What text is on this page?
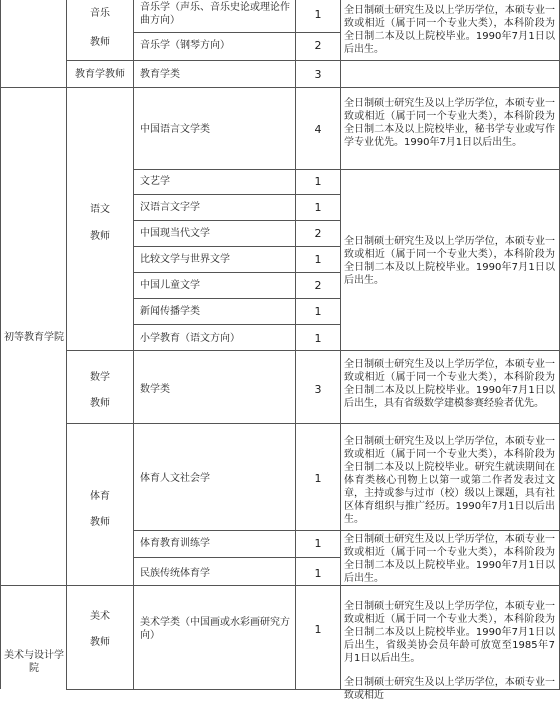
初等教育学院
美术与设计学院
音乐
教师
教育学教师
语文
教师
数学
教师
体育
教师
美术
教师
音乐学（声乐、音乐史论或理论作曲方向）
音乐学（钢琴方向）
教育学类
中国语言文学类
文艺学
汉语言文字学
中国现当代文学
比较文学与世界文学
中国儿童文学
新闻传播学类
小学教育（语文方向）
数学类
体育人文社会学
体育教育训练学
民族传统体育学
美术学类（中国画或水彩画研究方向）
1
2
3
4
1
1
2
1
2
1
1
3
1
1
1
1
全日制硕士研究生及以上学历学位，本硕专业一致或相近（属于同一个专业大类），本科阶段为全日制二本及以上院校毕业。1990年7月1日以后出生。
全日制硕士研究生及以上学历学位，本硕专业一致或相近（属于同一个专业大类），本科阶段为全日制二本及以上院校毕业，秘书学专业或写作学专业优先。1990年7月1日以后出生。
全日制硕士研究生及以上学历学位，本硕专业一致或相近（属于同一个专业大类），本科阶段为全日制二本及以上院校毕业。1990年7月1日以后出生。
全日制硕士研究生及以上学历学位，本硕专业一致或相近（属于同一个专业大类），本科阶段为全日制二本及以上院校毕业。1990年7月1日以后出生，具有省级数学建模参赛经验者优先。
全日制硕士研究生及以上学历学位，本硕专业一致或相近（属于同一个专业大类），本科阶段为全日制二本及以上院校毕业。研究生就读期间在体育类核心刊物上以第一或第二作者发表过文章，主持或参与过市（校）级以上课题，具有社区体育组织与推广经历。1990年7月1日以后出生。
全日制硕士研究生及以上学历学位，本硕专业一致或相近（属于同一个专业大类），本科阶段为全日制二本及以上院校毕业。1990年7月1日以后出生。
全日制硕士研究生及以上学历学位，本硕专业一致或相近（属于同一个专业大类），本科阶段为全日制二本及以上院校毕业。1990年7月1日以后出生，省级美协会员年龄可放宽至1985年7月1日以后出生。
全日制硕士研究生及以上学历学位，本硕专业一致或相近
